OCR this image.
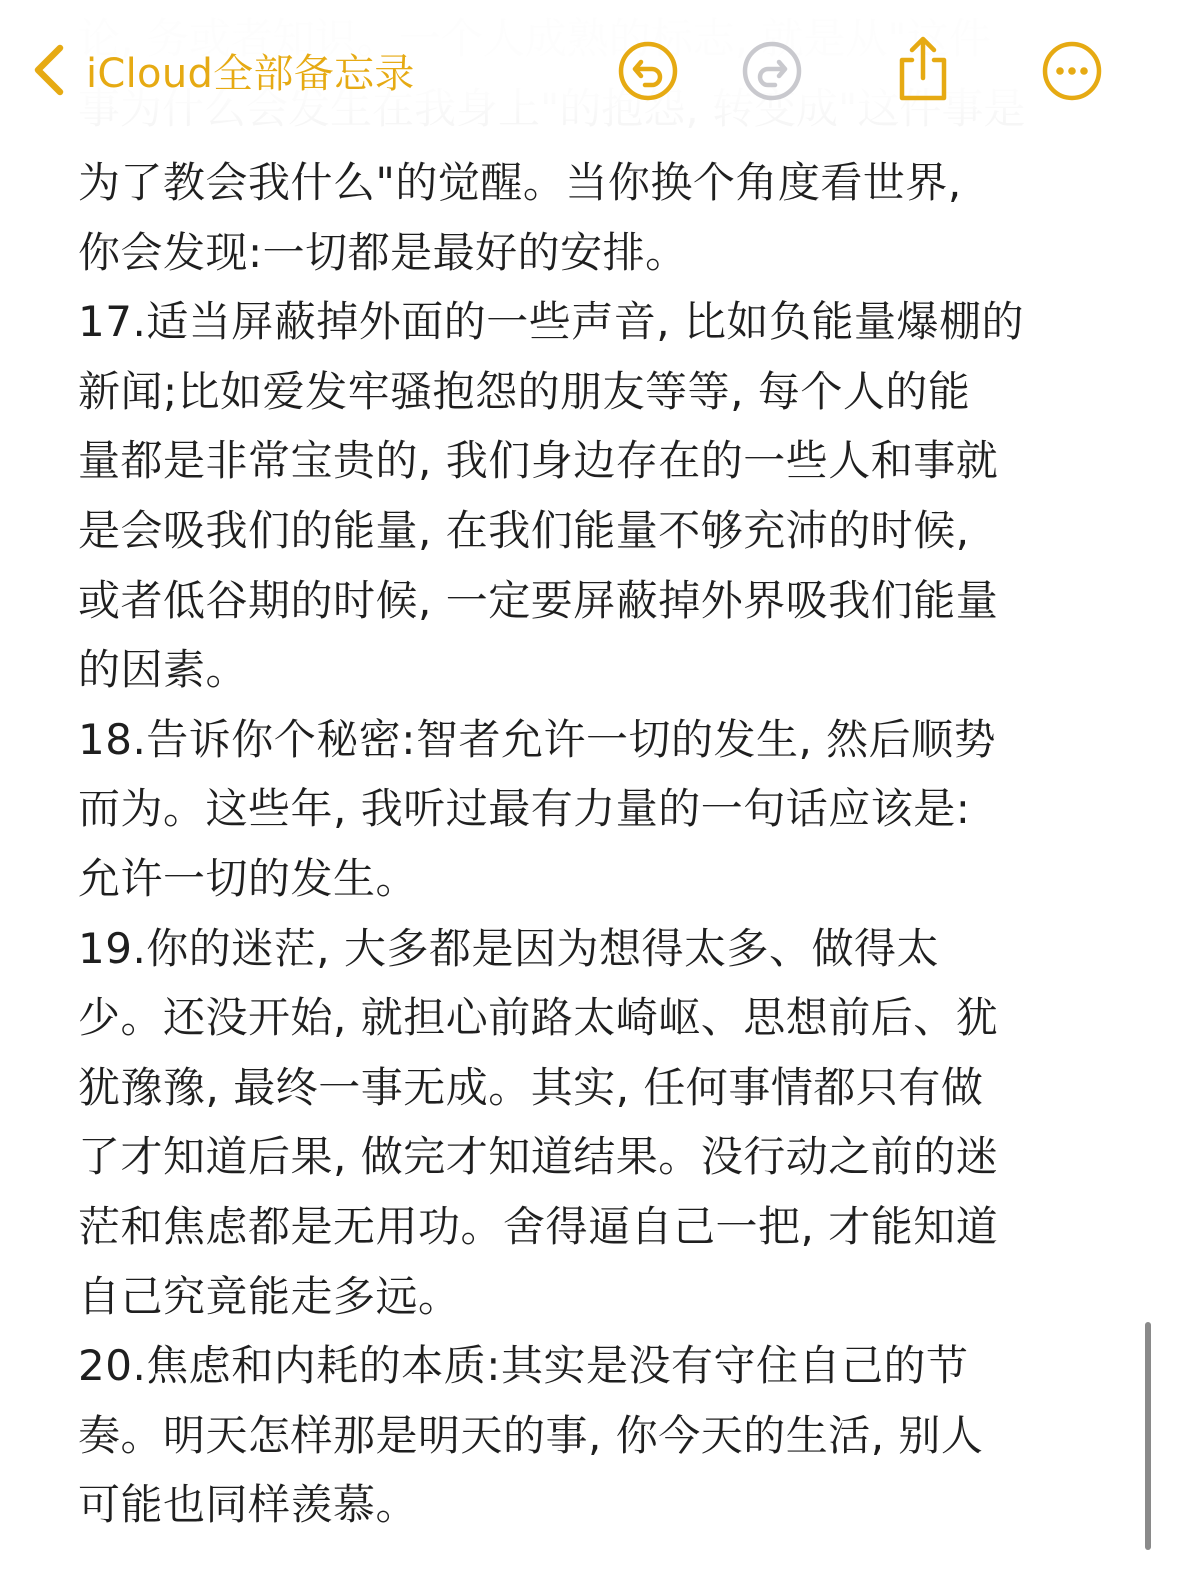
为了教会我什么"的觉醒。当你换个角度看世界,
你会发现:一切都是最好的安排。
17.适当屏蔽掉外面的一些声音, 比如负能量爆棚的
新闻;比如爱发牢骚抱怨的朋友等等, 每个人的能
量都是非常宝贵的, 我们身边存在的一些人和事就
是会吸我们的能量, 在我们能量不够充沛的时候,
或者低谷期的时候, 一定要屏蔽掉外界吸我们能量
的因素。
18.告诉你个秘密:智者允许一切的发生, 然后顺势
而为。这些年, 我听过最有力量的一句话应该是:
允许一切的发生。
19.你的迷茫, 大多都是因为想得太多、做得太
少。还没开始, 就担心前路太崎岖、思想前后、犹
犹豫豫, 最终一事无成。其实, 任何事情都只有做
了才知道后果, 做完才知道结果。没行动之前的迷
茫和焦虑都是无用功。舍得逼自己一把, 才能知道
自己究竟能走多远。
20.焦虑和内耗的本质:其实是没有守住自己的节
奏。明天怎样那是明天的事, 你今天的生活, 别人
可能也同样羡慕。
iCloud全部备忘录
